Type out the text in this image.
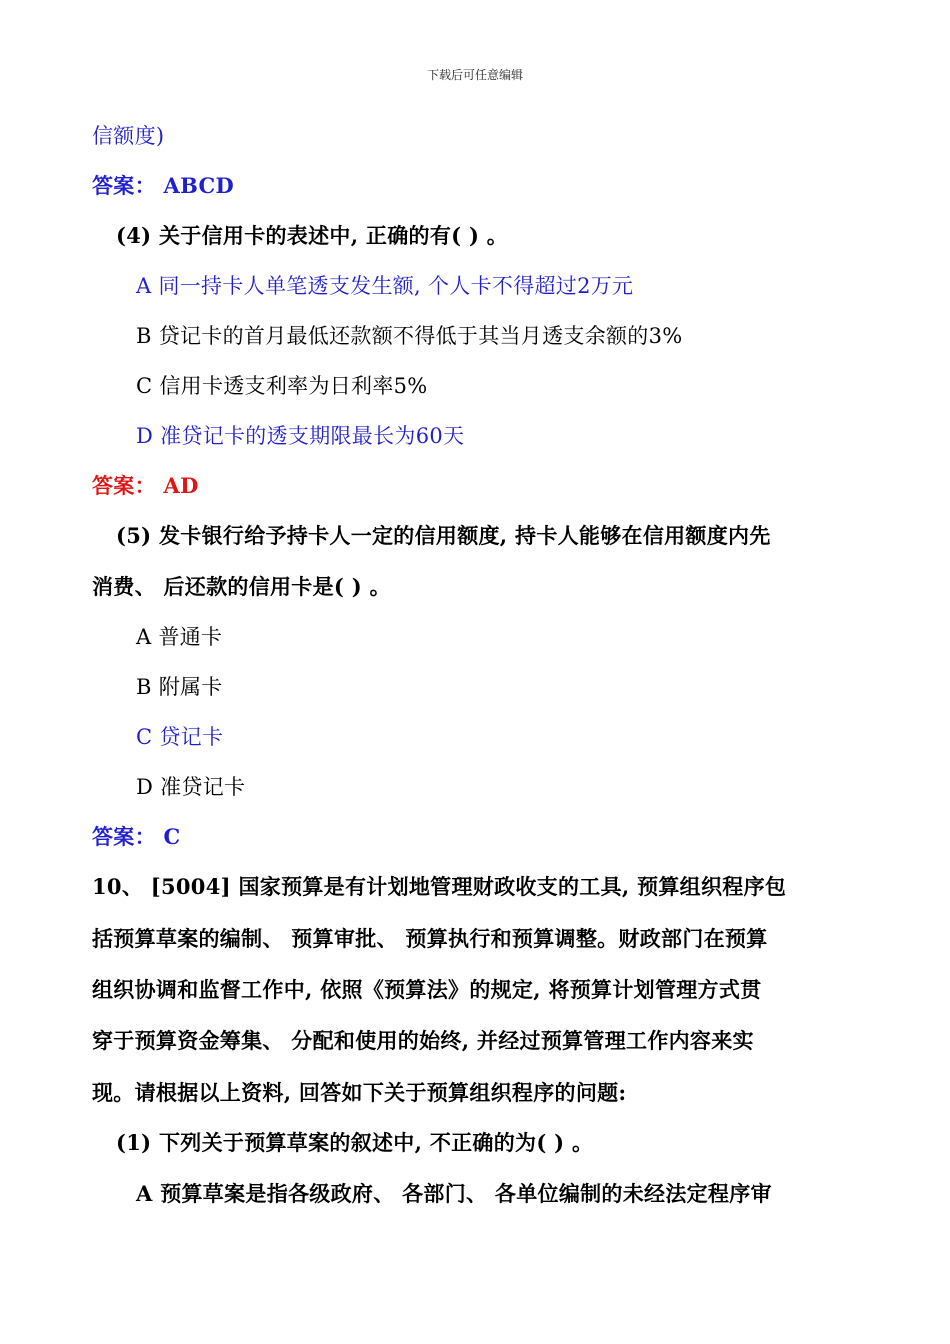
下载后可任意编辑
信额度)
答案： ABCD
(4) 关于信用卡的表述中, 正确的有( ) 。
A 同一持卡人单笔透支发生额, 个人卡不得超过2万元
B 贷记卡的首月最低还款额不得低于其当月透支余额的3%
C 信用卡透支利率为日利率5%
D 准贷记卡的透支期限最长为60天
答案： AD
(5) 发卡银行给予持卡人一定的信用额度, 持卡人能够在信用额度内先
消费、 后还款的信用卡是( ) 。
A 普通卡
B 附属卡
C 贷记卡
D 准贷记卡
答案： C
10、 [5004] 国家预算是有计划地管理财政收支的工具, 预算组织程序包
括预算草案的编制、 预算审批、 预算执行和预算调整。财政部门在预算
组织协调和监督工作中, 依照《预算法》的规定, 将预算计划管理方式贯
穿于预算资金筹集、 分配和使用的始终, 并经过预算管理工作内容来实
现。请根据以上资料, 回答如下关于预算组织程序的问题:
(1) 下列关于预算草案的叙述中, 不正确的为( ) 。
A 预算草案是指各级政府、 各部门、 各单位编制的未经法定程序审
